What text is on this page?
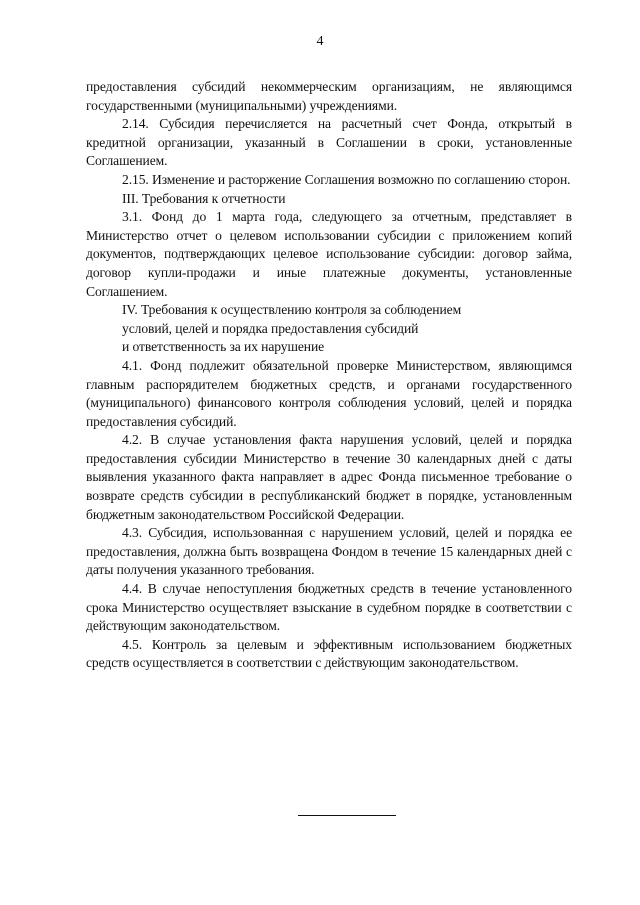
4

предоставления субсидий некоммерческим организациям, не являющимся государственными (муниципальными) учреждениями.

2.14. Субсидия перечисляется на расчетный счет Фонда, открытый в кредитной организации, указанный в Соглашении в сроки, установленные Соглашением.

2.15. Изменение и расторжение Соглашения возможно по соглашению сторон.

III. Требования к отчетности

3.1. Фонд до 1 марта года, следующего за отчетным, представляет в Министерство отчет о целевом использовании субсидии с приложением копий документов, подтверждающих целевое использование субсидии: договор займа, договор купли-продажи и иные платежные документы, установленные Соглашением.

IV. Требования к осуществлению контроля за соблюдением
условий, целей и порядка предоставления субсидий
и ответственность за их нарушение

4.1. Фонд подлежит обязательной проверке Министерством, являющимся главным распорядителем бюджетных средств, и органами государственного (муниципального) финансового контроля соблюдения условий, целей и порядка предоставления субсидий.

4.2. В случае установления факта нарушения условий, целей и порядка предоставления субсидии Министерство в течение 30 календарных дней с даты выявления указанного факта направляет в адрес Фонда письменное требование о возврате средств субсидии в республиканский бюджет в порядке, установленным бюджетным законодательством Российской Федерации.

4.3. Субсидия, использованная с нарушением условий, целей и порядка ее предоставления, должна быть возвращена Фондом в течение 15 календарных дней с даты получения указанного требования.

4.4. В случае непоступления бюджетных средств в течение установленного срока Министерство осуществляет взыскание в судебном порядке в соответствии с действующим законодательством.

4.5. Контроль за целевым и эффективным использованием бюджетных средств осуществляется в соответствии с действующим законодательством.
